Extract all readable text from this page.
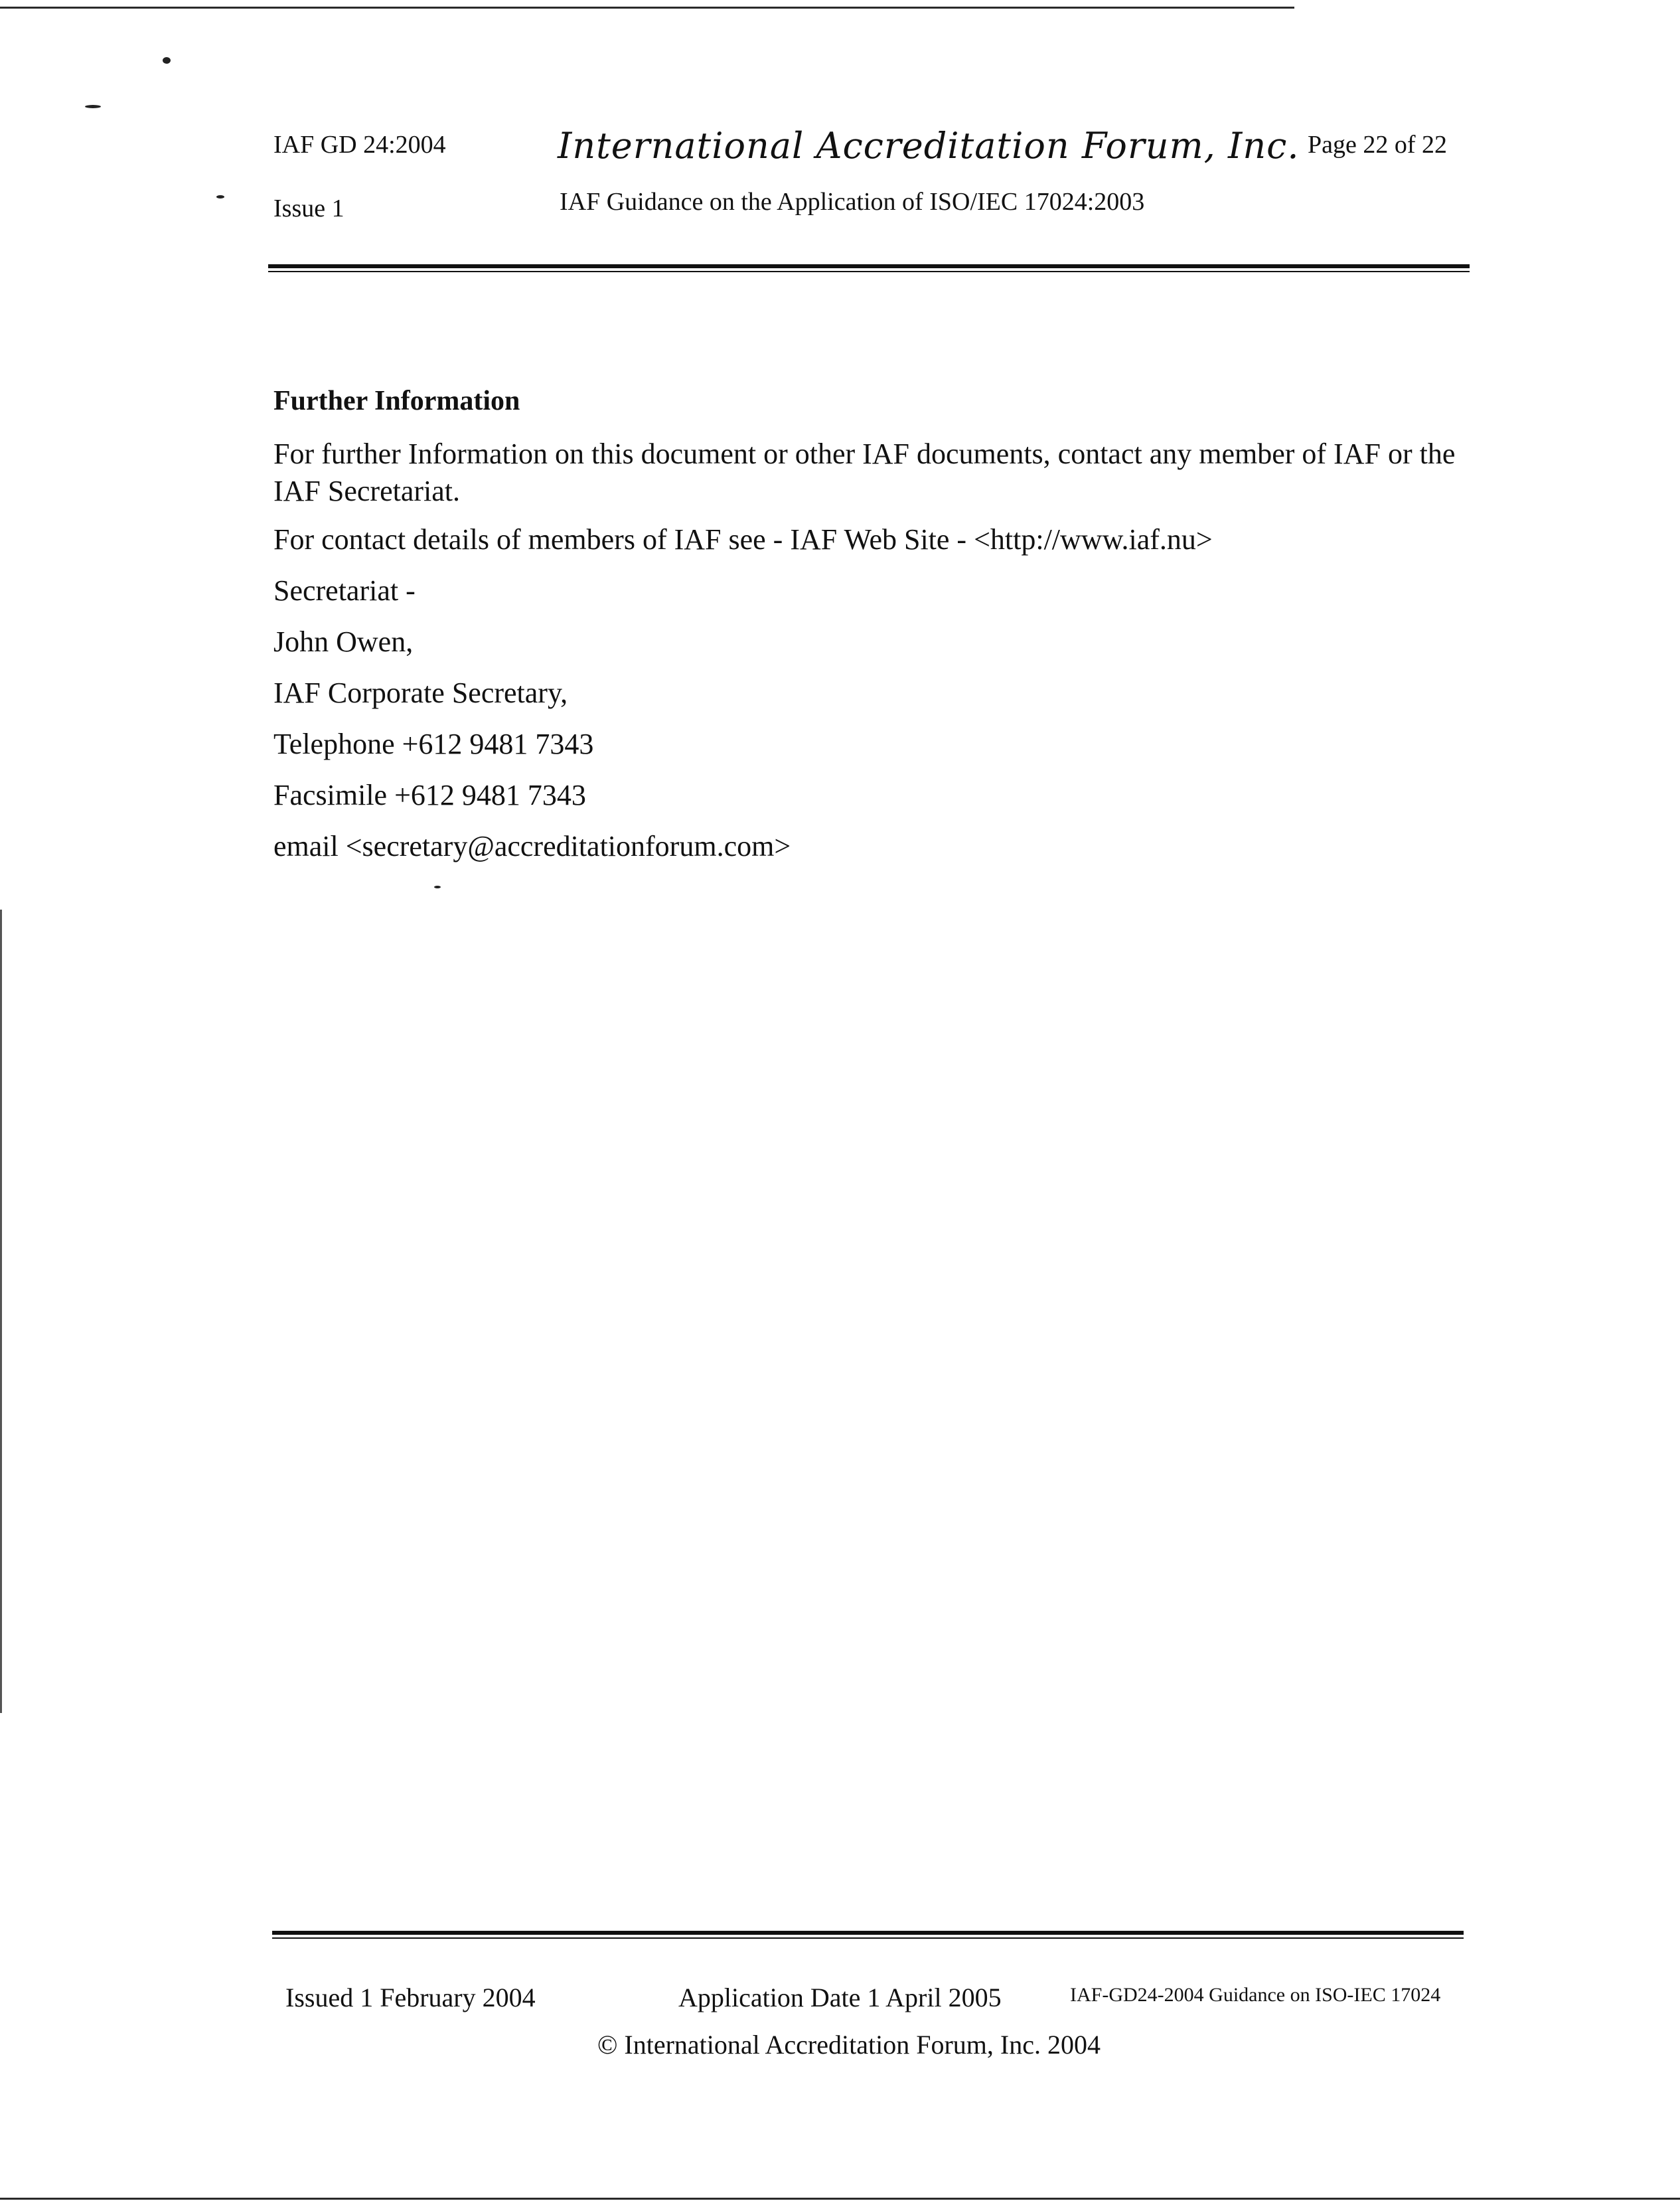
IAF GD 24:2004
Issue 1
International Accreditation Forum, Inc.
IAF Guidance on the Application of ISO/IEC 17024:2003
Page 22 of 22
Further Information
For further Information on this document or other IAF documents, contact any member of IAF or the IAF Secretariat.
For contact details of members of IAF see - IAF Web Site - <http://www.iaf.nu>
Secretariat -
John Owen,
IAF Corporate Secretary,
Telephone +612 9481 7343
Facsimile +612 9481 7343
email <secretary@accreditationforum.com>
Issued 1 February 2004	Application Date 1 April 2005	IAF-GD24-2004 Guidance on ISO-IEC 17024
© International Accreditation Forum, Inc. 2004
